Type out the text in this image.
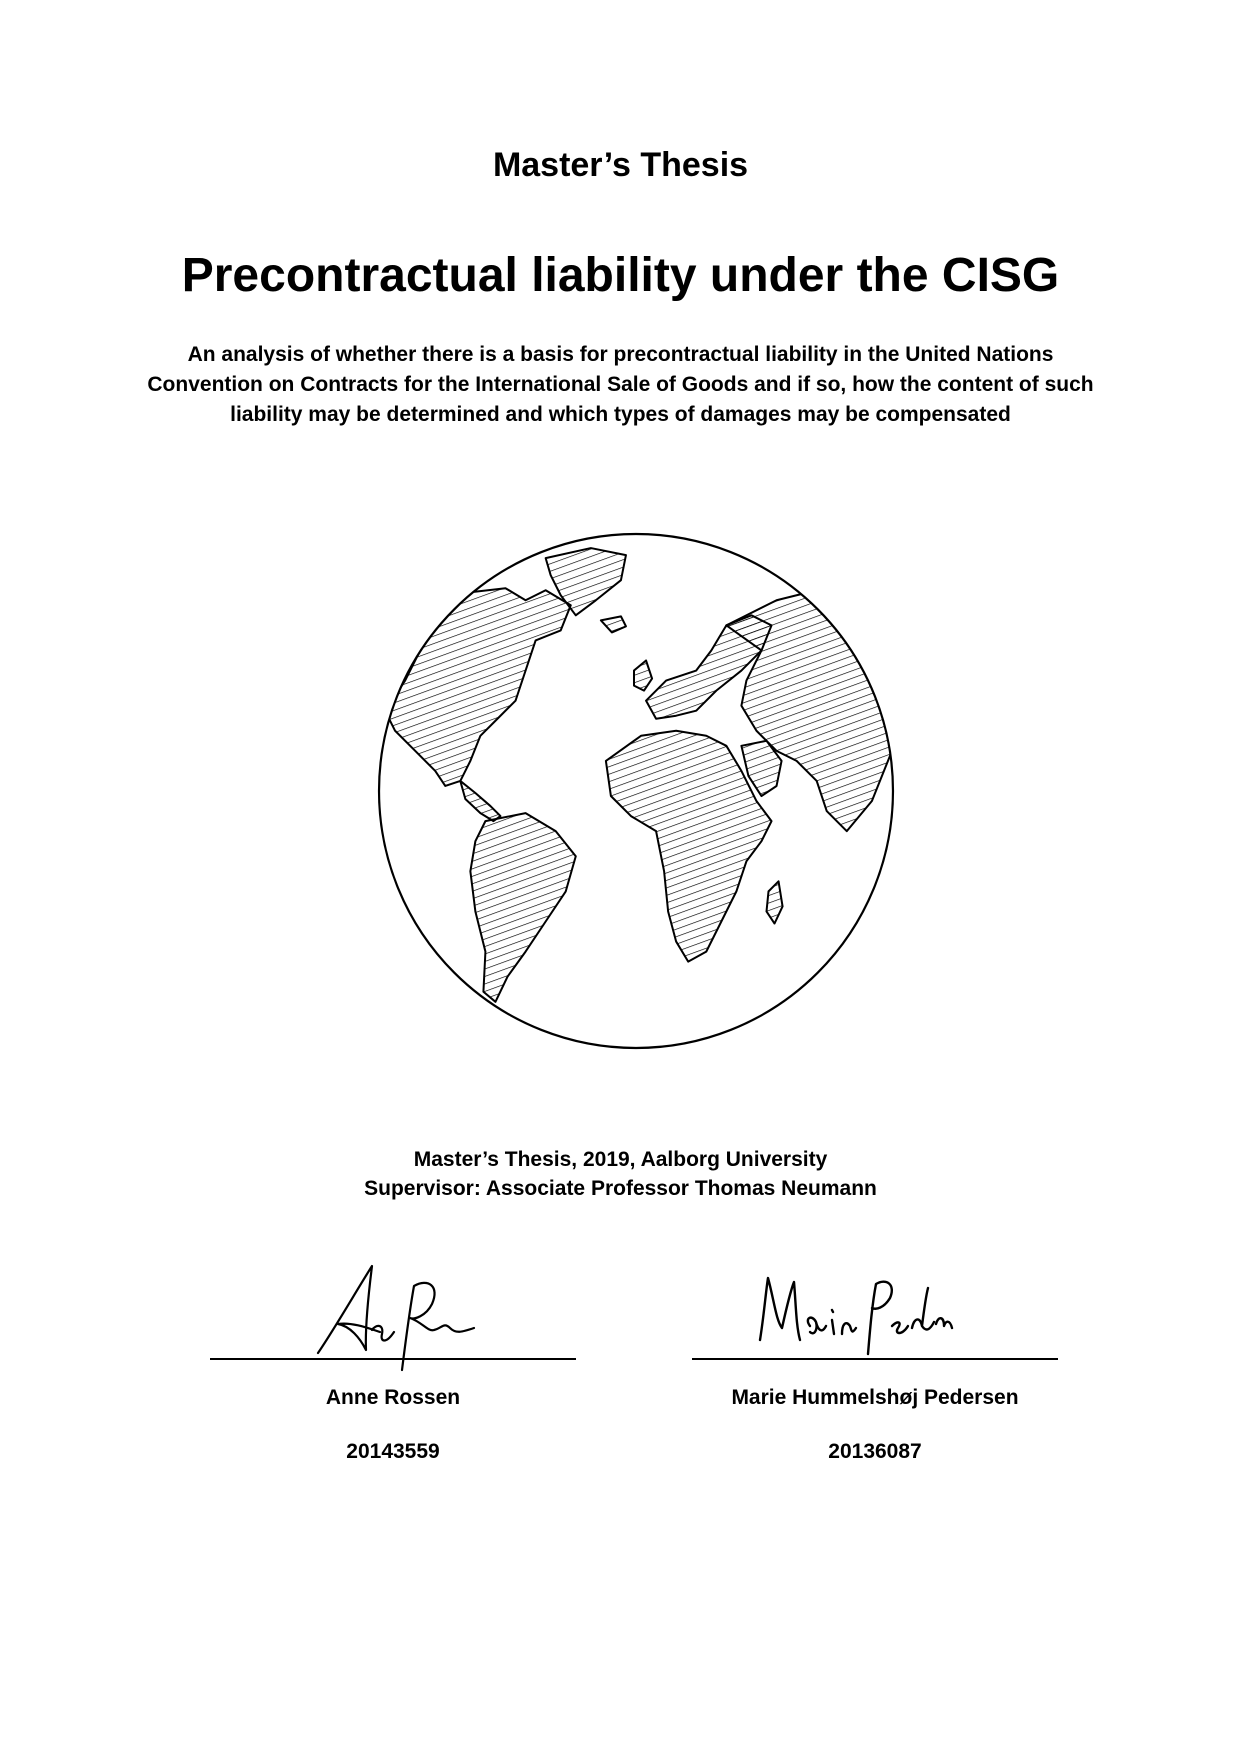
Master’s Thesis
Precontractual liability under the CISG
An analysis of whether there is a basis for precontractual liability in the United Nations Convention on Contracts for the International Sale of Goods and if so, how the content of such liability may be determined and which types of damages may be compensated
Master’s Thesis, 2019, Aalborg University
Supervisor: Associate Professor Thomas Neumann
Anne Rossen	Marie Hummelshøj Pedersen
20143559	20136087
